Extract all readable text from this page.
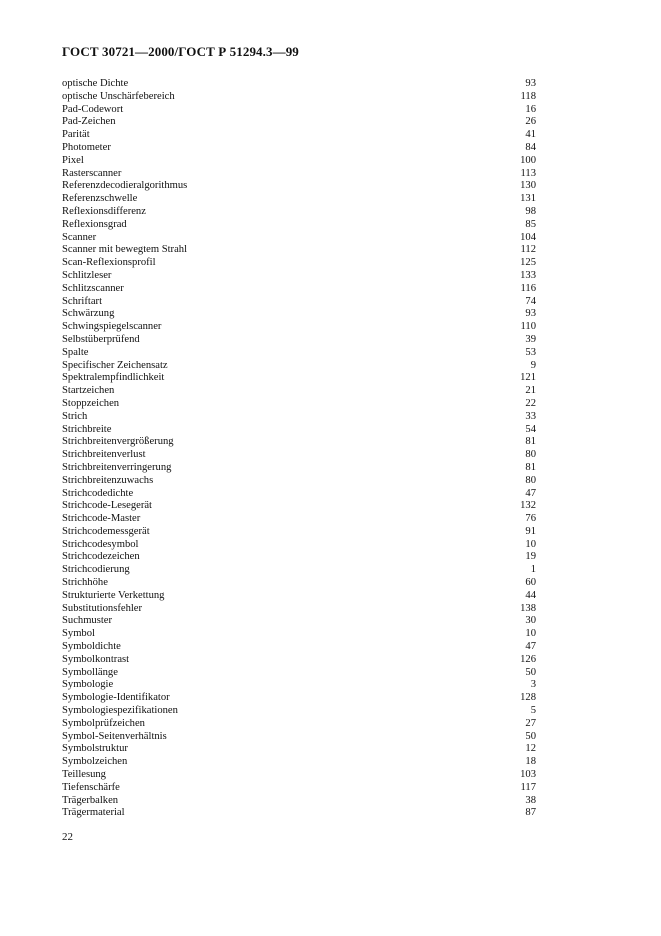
ГОСТ 30721—2000/ГОСТ Р 51294.3—99
optische Dichte	93
optische Unschärfebereich	118
Pad-Codewort	16
Pad-Zeichen	26
Parität	41
Photometer	84
Pixel	100
Rasterscanner	113
Referenzdecodieralgorithmus	130
Referenzschwelle	131
Reflexionsdifferenz	98
Reflexionsgrad	85
Scanner	104
Scanner mit bewegtem Strahl	112
Scan-Reflexionsprofil	125
Schlitzleser	133
Schlitzscanner	116
Schriftart	74
Schwärzung	93
Schwingspiegelscanner	110
Selbstüberprüfend	39
Spalte	53
Specifischer Zeichensatz	9
Spektralempfindlichkeit	121
Startzeichen	21
Stoppzeichen	22
Strich	33
Strichbreite	54
Strichbreitenvergrößerung	81
Strichbreitenverlust	80
Strichbreitenverringerung	81
Strichbreitenzuwachs	80
Strichcodedichte	47
Strichcode-Lesegerät	132
Strichcode-Master	76
Strichcodemessgerät	91
Strichcodesymbol	10
Strichcodezeichen	19
Strichcodierung	1
Strichhöhe	60
Strukturierte Verkettung	44
Substitutionsfehler	138
Suchmuster	30
Symbol	10
Symboldichte	47
Symbolkontrast	126
Symbollänge	50
Symbologie	3
Symbologie-Identifikator	128
Symbologiespezifikationen	5
Symbolprüfzeichen	27
Symbol-Seitenverhältnis	50
Symbolstruktur	12
Symbolzeichen	18
Teillesung	103
Tiefenschärfe	117
Trägerbalken	38
Trägermaterial	87
22
